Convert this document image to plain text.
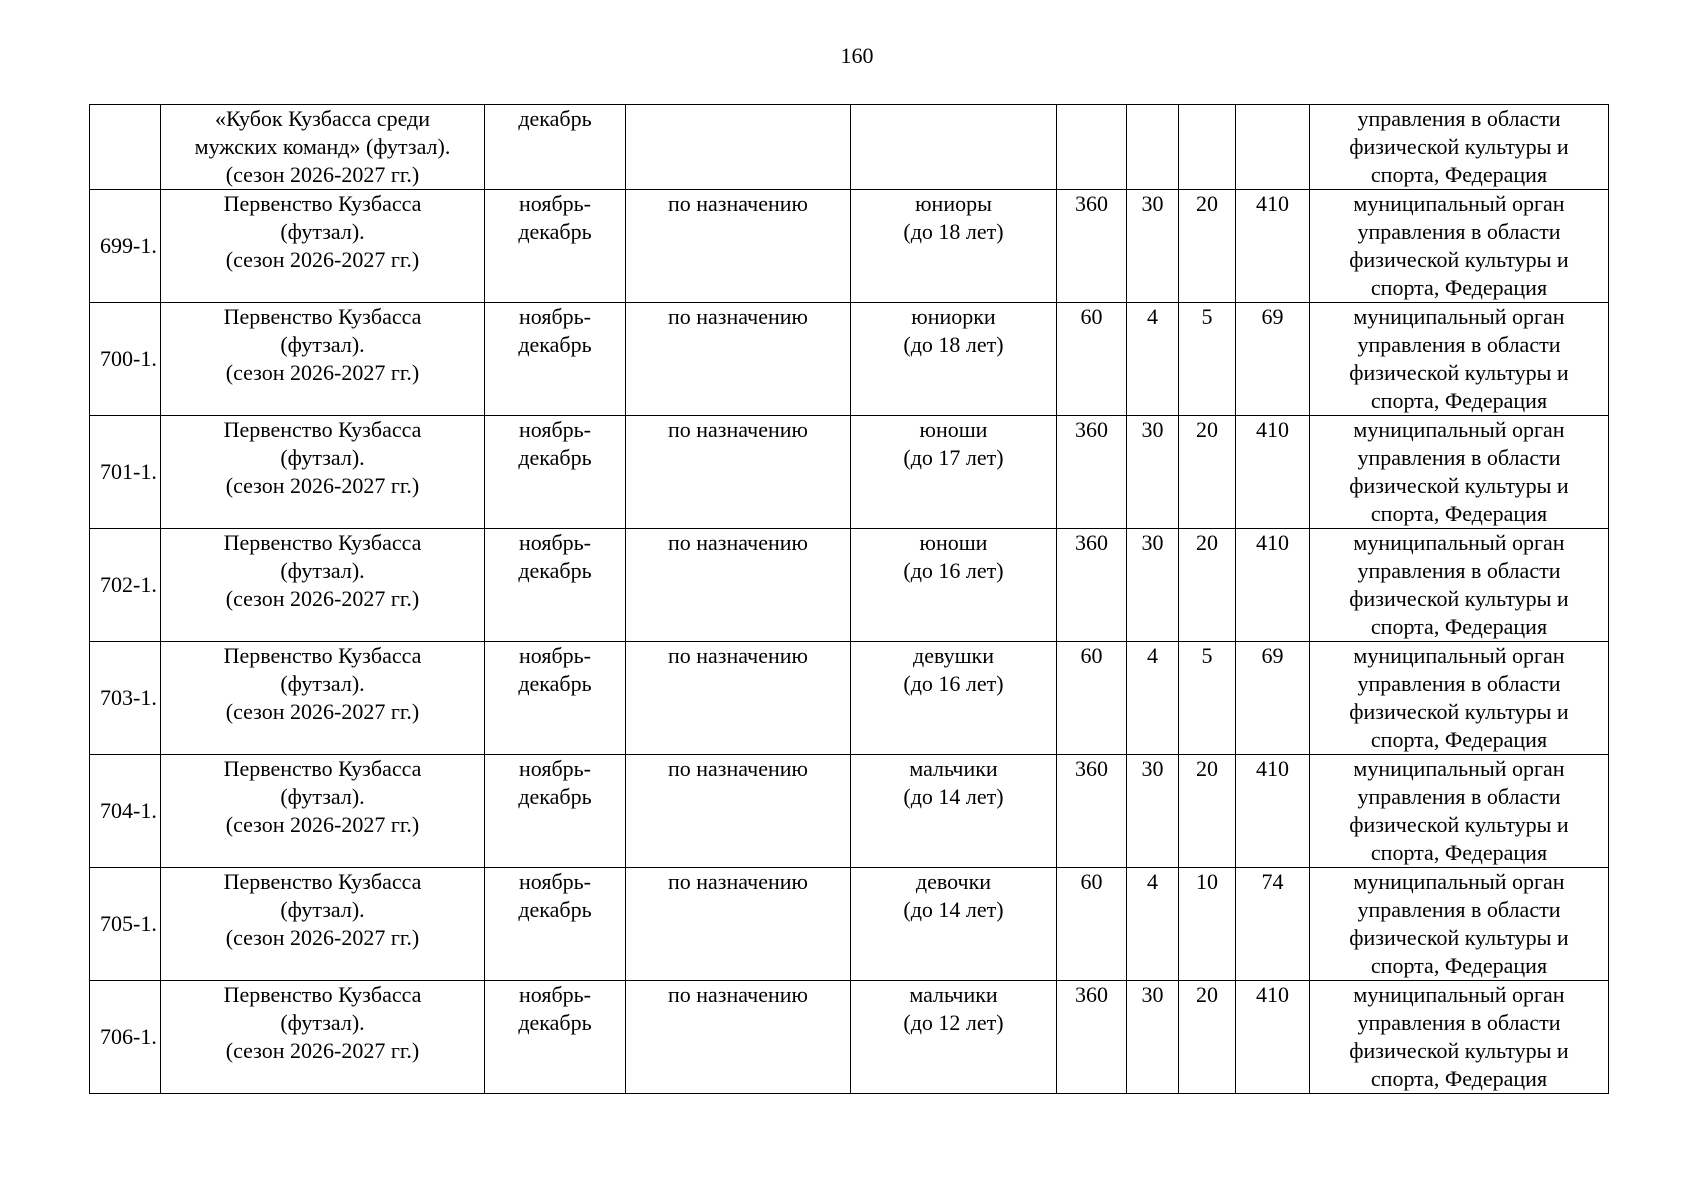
160

	«Кубок Кузбасса среди
мужских команд» (футзал).
(сезон 2026-2027 гг.)	декабрь							управления в области
физической культуры и
спорта, Федерация

699-1.	Первенство Кузбасса
(футзал).
(сезон 2026-2027 гг.)	ноябрь-
декабрь	по назначению	юниоры
(до 18 лет)	360	30	20	410	муниципальный орган
управления в области
физической культуры и
спорта, Федерация

700-1.	Первенство Кузбасса
(футзал).
(сезон 2026-2027 гг.)	ноябрь-
декабрь	по назначению	юниорки
(до 18 лет)	60	4	5	69	муниципальный орган
управления в области
физической культуры и
спорта, Федерация

701-1.	Первенство Кузбасса
(футзал).
(сезон 2026-2027 гг.)	ноябрь-
декабрь	по назначению	юноши
(до 17 лет)	360	30	20	410	муниципальный орган
управления в области
физической культуры и
спорта, Федерация

702-1.	Первенство Кузбасса
(футзал).
(сезон 2026-2027 гг.)	ноябрь-
декабрь	по назначению	юноши
(до 16 лет)	360	30	20	410	муниципальный орган
управления в области
физической культуры и
спорта, Федерация

703-1.	Первенство Кузбасса
(футзал).
(сезон 2026-2027 гг.)	ноябрь-
декабрь	по назначению	девушки
(до 16 лет)	60	4	5	69	муниципальный орган
управления в области
физической культуры и
спорта, Федерация

704-1.	Первенство Кузбасса
(футзал).
(сезон 2026-2027 гг.)	ноябрь-
декабрь	по назначению	мальчики
(до 14 лет)	360	30	20	410	муниципальный орган
управления в области
физической культуры и
спорта, Федерация

705-1.	Первенство Кузбасса
(футзал).
(сезон 2026-2027 гг.)	ноябрь-
декабрь	по назначению	девочки
(до 14 лет)	60	4	10	74	муниципальный орган
управления в области
физической культуры и
спорта, Федерация

706-1.	Первенство Кузбасса
(футзал).
(сезон 2026-2027 гг.)	ноябрь-
декабрь	по назначению	мальчики
(до 12 лет)	360	30	20	410	муниципальный орган
управления в области
физической культуры и
спорта, Федерация
